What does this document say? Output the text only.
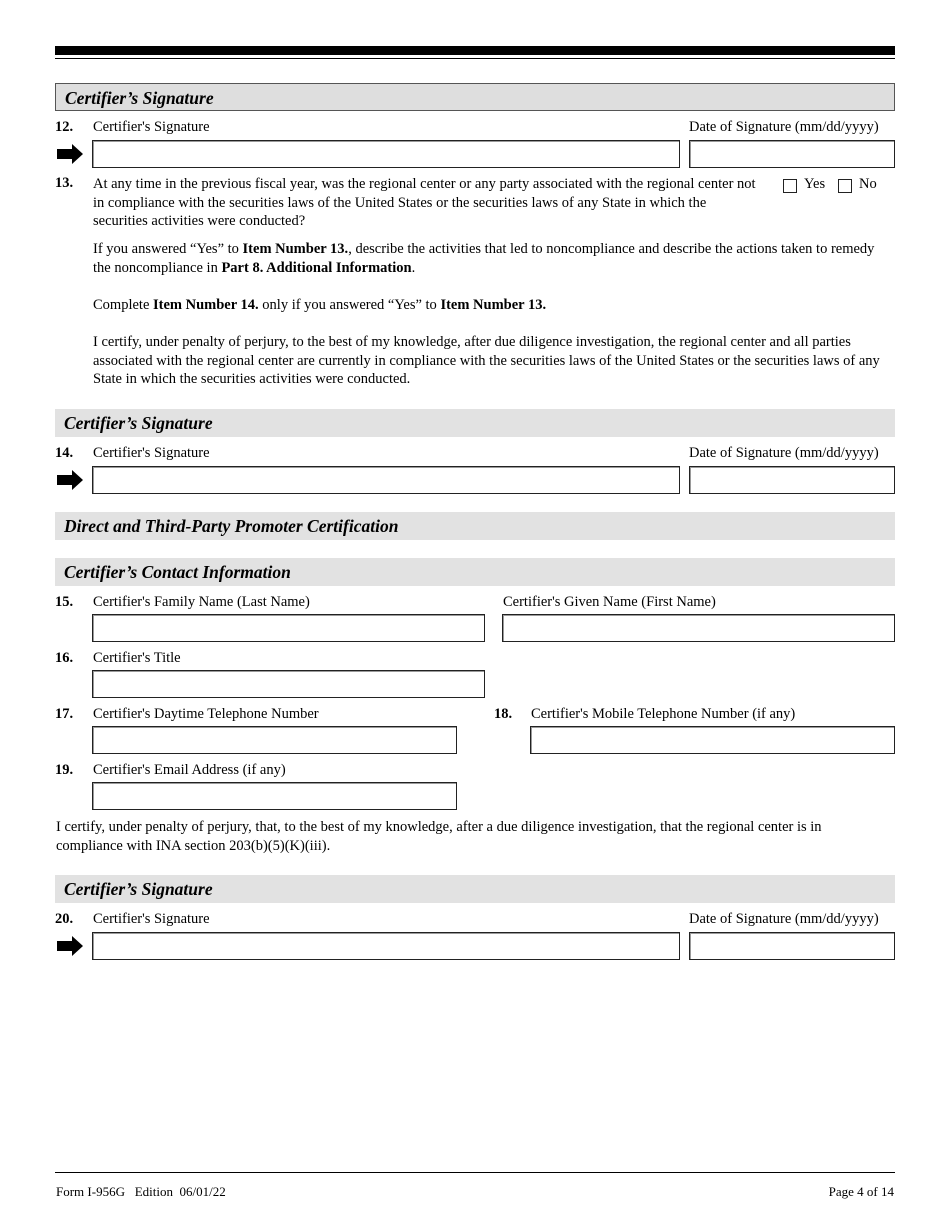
Certifier’s Signature
12. Certifier's Signature	Date of Signature (mm/dd/yyyy)
13. At any time in the previous fiscal year, was the regional center or any party associated with the regional center not in compliance with the securities laws of the United States or the securities laws of any State in which the securities activities were conducted?
Yes No
If you answered “Yes” to Item Number 13., describe the activities that led to noncompliance and describe the actions taken to remedy the noncompliance in Part 8. Additional Information.
Complete Item Number 14. only if you answered “Yes” to Item Number 13.
I certify, under penalty of perjury, to the best of my knowledge, after due diligence investigation, the regional center and all parties associated with the regional center are currently in compliance with the securities laws of the United States or the securities laws of any State in which the securities activities were conducted.
Certifier’s Signature
14. Certifier's Signature	Date of Signature (mm/dd/yyyy)
Direct and Third-Party Promoter Certification
Certifier’s Contact Information
15. Certifier's Family Name (Last Name)	Certifier's Given Name (First Name)
16. Certifier's Title
17. Certifier's Daytime Telephone Number	18. Certifier's Mobile Telephone Number (if any)
19. Certifier's Email Address (if any)
I certify, under penalty of perjury, that, to the best of my knowledge, after a due diligence investigation, that the regional center is in compliance with INA section 203(b)(5)(K)(iii).
Certifier’s Signature
20. Certifier's Signature	Date of Signature (mm/dd/yyyy)
Form I-956G   Edition  06/01/22	Page 4 of 14
